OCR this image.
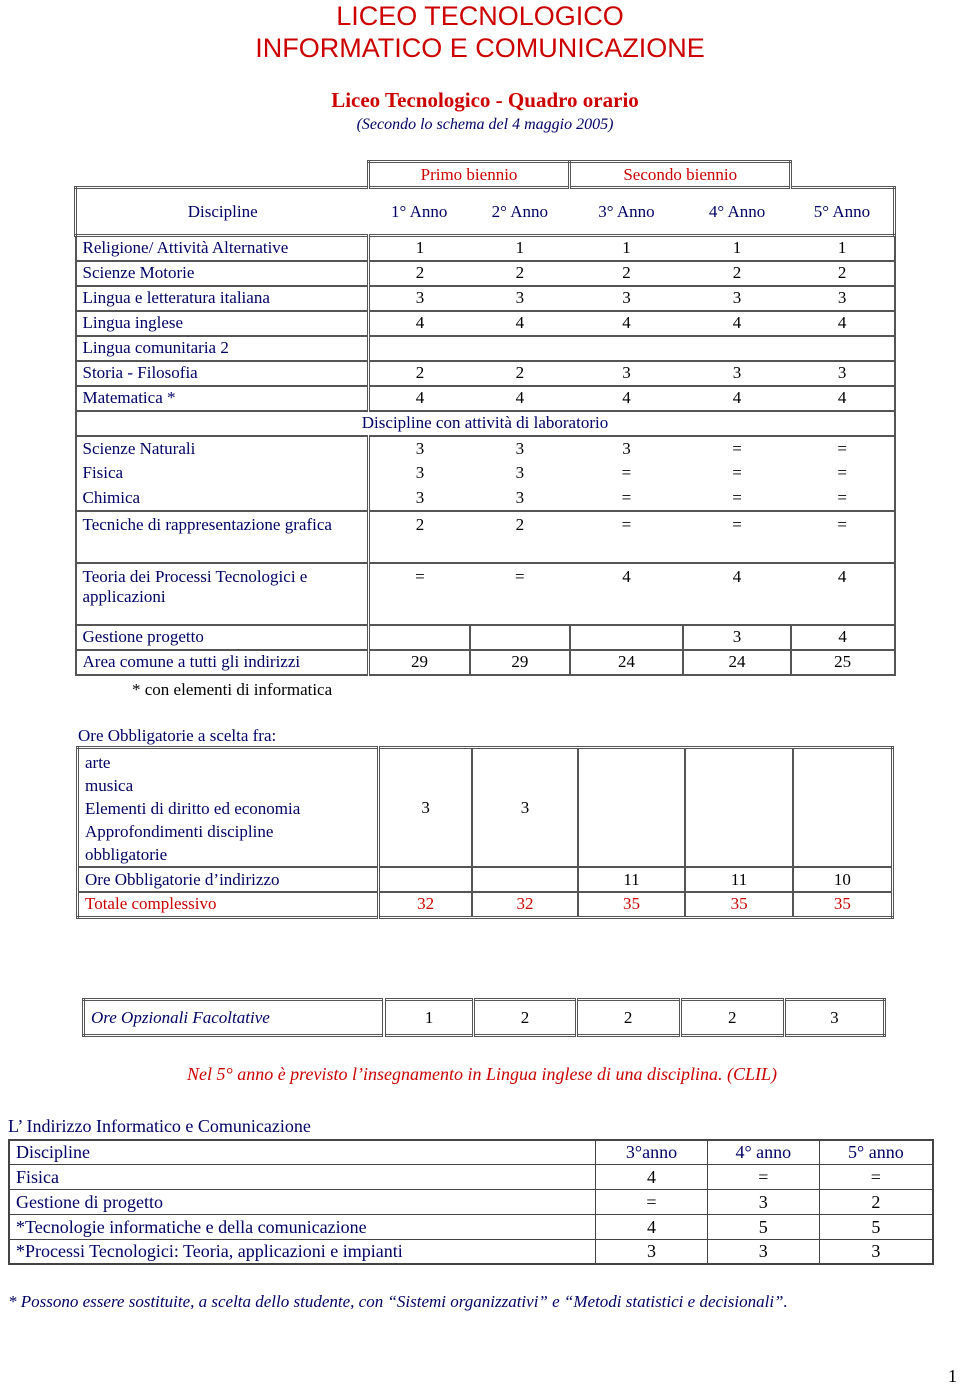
LICEO TECNOLOGICO
INFORMATICO E COMUNICAZIONE
Liceo Tecnologico - Quadro orario
(Secondo lo schema del 4 maggio 2005)
	Primo biennio		Secondo biennio		
Discipline	1° Anno	2° Anno	3° Anno	4° Anno	5° Anno
Religione/ Attività Alternative	1	1	1	1	1
Scienze Motorie	2	2	2	2	2
Lingua e letteratura italiana	3	3	3	3	3
Lingua inglese	4	4	4	4	4
Lingua comunitaria 2					
Storia - Filosofia	2	2	3	3	3
Matematica *	4	4	4	4	4
Discipline con attività di laboratorio					
Scienze Naturali	3	3	3	=	=
Fisica	3	3	=	=	=
Chimica	3	3	=	=	=
Tecniche di rappresentazione grafica	2	2	=	=	=
Teoria dei Processi Tecnologici e applicazioni	=	=	4	4	4
Gestione progetto				3	4
Area comune a tutti gli indirizzi	29	29	24	24	25
* con elementi di informatica
Ore Obbligatorie a scelta fra:
arte
musica
Elementi di diritto ed economia
Approfondimenti discipline
obbligatorie	3	3			
Ore Obbligatorie d’indirizzo			11	11	10
Totale complessivo	32	32	35	35	35
Ore Opzionali Facoltative	1	2	2	2	3
Nel 5° anno è previsto l’insegnamento in Lingua inglese di una disciplina. (CLIL)
L’ Indirizzo Informatico e Comunicazione
Discipline	3°anno	4° anno	5° anno
Fisica	4	=	=
Gestione di progetto	=	3	2
*Tecnologie informatiche e della comunicazione	4	5	5
*Processi Tecnologici: Teoria, applicazioni e impianti	3	3	3
* Possono essere sostituite, a scelta dello studente, con “Sistemi organizzativi” e “Metodi statistici e decisionali”.
1
